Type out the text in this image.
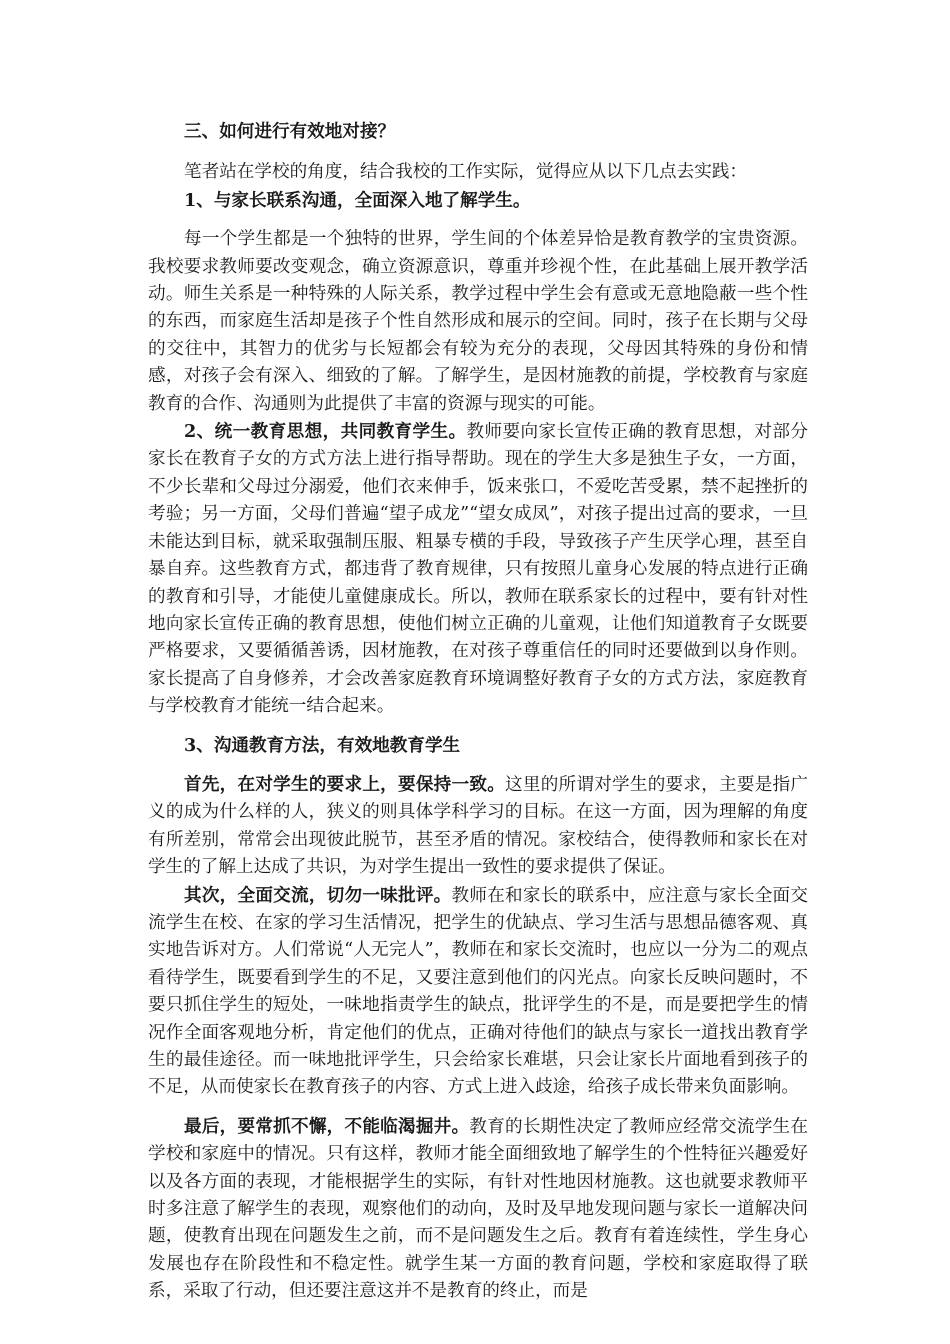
三、如何进行有效地对接？

笔者站在学校的角度，结合我校的工作实际，觉得应从以下几点去实践：

1、与家长联系沟通，全面深入地了解学生。

每一个学生都是一个独特的世界，学生间的个体差异恰是教育教学的宝贵资源。我校要求教师要改变观念，确立资源意识，尊重并珍视个性，在此基础上展开教学活动。师生关系是一种特殊的人际关系，教学过程中学生会有意或无意地隐蔽一些个性的东西，而家庭生活却是孩子个性自然形成和展示的空间。同时，孩子在长期与父母的交往中，其智力的优劣与长短都会有较为充分的表现，父母因其特殊的身份和情感，对孩子会有深入、细致的了解。了解学生，是因材施教的前提，学校教育与家庭教育的合作、沟通则为此提供了丰富的资源与现实的可能。

2、统一教育思想，共同教育学生。教师要向家长宣传正确的教育思想，对部分家长在教育子女的方式方法上进行指导帮助。现在的学生大多是独生子女，一方面，不少长辈和父母过分溺爱，他们衣来伸手，饭来张口，不爱吃苦受累，禁不起挫折的考验；另一方面，父母们普遍“望子成龙”“望女成凤”，对孩子提出过高的要求，一旦未能达到目标，就采取强制压服、粗暴专横的手段，导致孩子产生厌学心理，甚至自暴自弃。这些教育方式，都违背了教育规律，只有按照儿童身心发展的特点进行正确的教育和引导，才能使儿童健康成长。所以，教师在联系家长的过程中，要有针对性地向家长宣传正确的教育思想，使他们树立正确的儿童观，让他们知道教育子女既要严格要求，又要循循善诱，因材施教，在对孩子尊重信任的同时还要做到以身作则。家长提高了自身修养，才会改善家庭教育环境调整好教育子女的方式方法，家庭教育与学校教育才能统一结合起来。

3、沟通教育方法，有效地教育学生

首先，在对学生的要求上，要保持一致。这里的所谓对学生的要求，主要是指广义的成为什么样的人，狭义的则具体学科学习的目标。在这一方面，因为理解的角度有所差别，常常会出现彼此脱节，甚至矛盾的情况。家校结合，使得教师和家长在对学生的了解上达成了共识，为对学生提出一致性的要求提供了保证。

其次，全面交流，切勿一味批评。教师在和家长的联系中，应注意与家长全面交流学生在校、在家的学习生活情况，把学生的优缺点、学习生活与思想品德客观、真实地告诉对方。人们常说“人无完人”，教师在和家长交流时，也应以一分为二的观点看待学生，既要看到学生的不足，又要注意到他们的闪光点。向家长反映问题时，不要只抓住学生的短处，一味地指责学生的缺点，批评学生的不是，而是要把学生的情况作全面客观地分析，肯定他们的优点，正确对待他们的缺点与家长一道找出教育学生的最佳途径。而一味地批评学生，只会给家长难堪，只会让家长片面地看到孩子的不足，从而使家长在教育孩子的内容、方式上进入歧途，给孩子成长带来负面影响。

最后，要常抓不懈，不能临渴掘井。教育的长期性决定了教师应经常交流学生在学校和家庭中的情况。只有这样，教师才能全面细致地了解学生的个性特征兴趣爱好以及各方面的表现，才能根据学生的实际，有针对性地因材施教。这也就要求教师平时多注意了解学生的表现，观察他们的动向，及时及早地发现问题与家长一道解决问题，使教育出现在问题发生之前，而不是问题发生之后。教育有着连续性，学生身心发展也存在阶段性和不稳定性。就学生某一方面的教育问题，学校和家庭取得了联系，采取了行动，但还要注意这并不是教育的终止，而是
